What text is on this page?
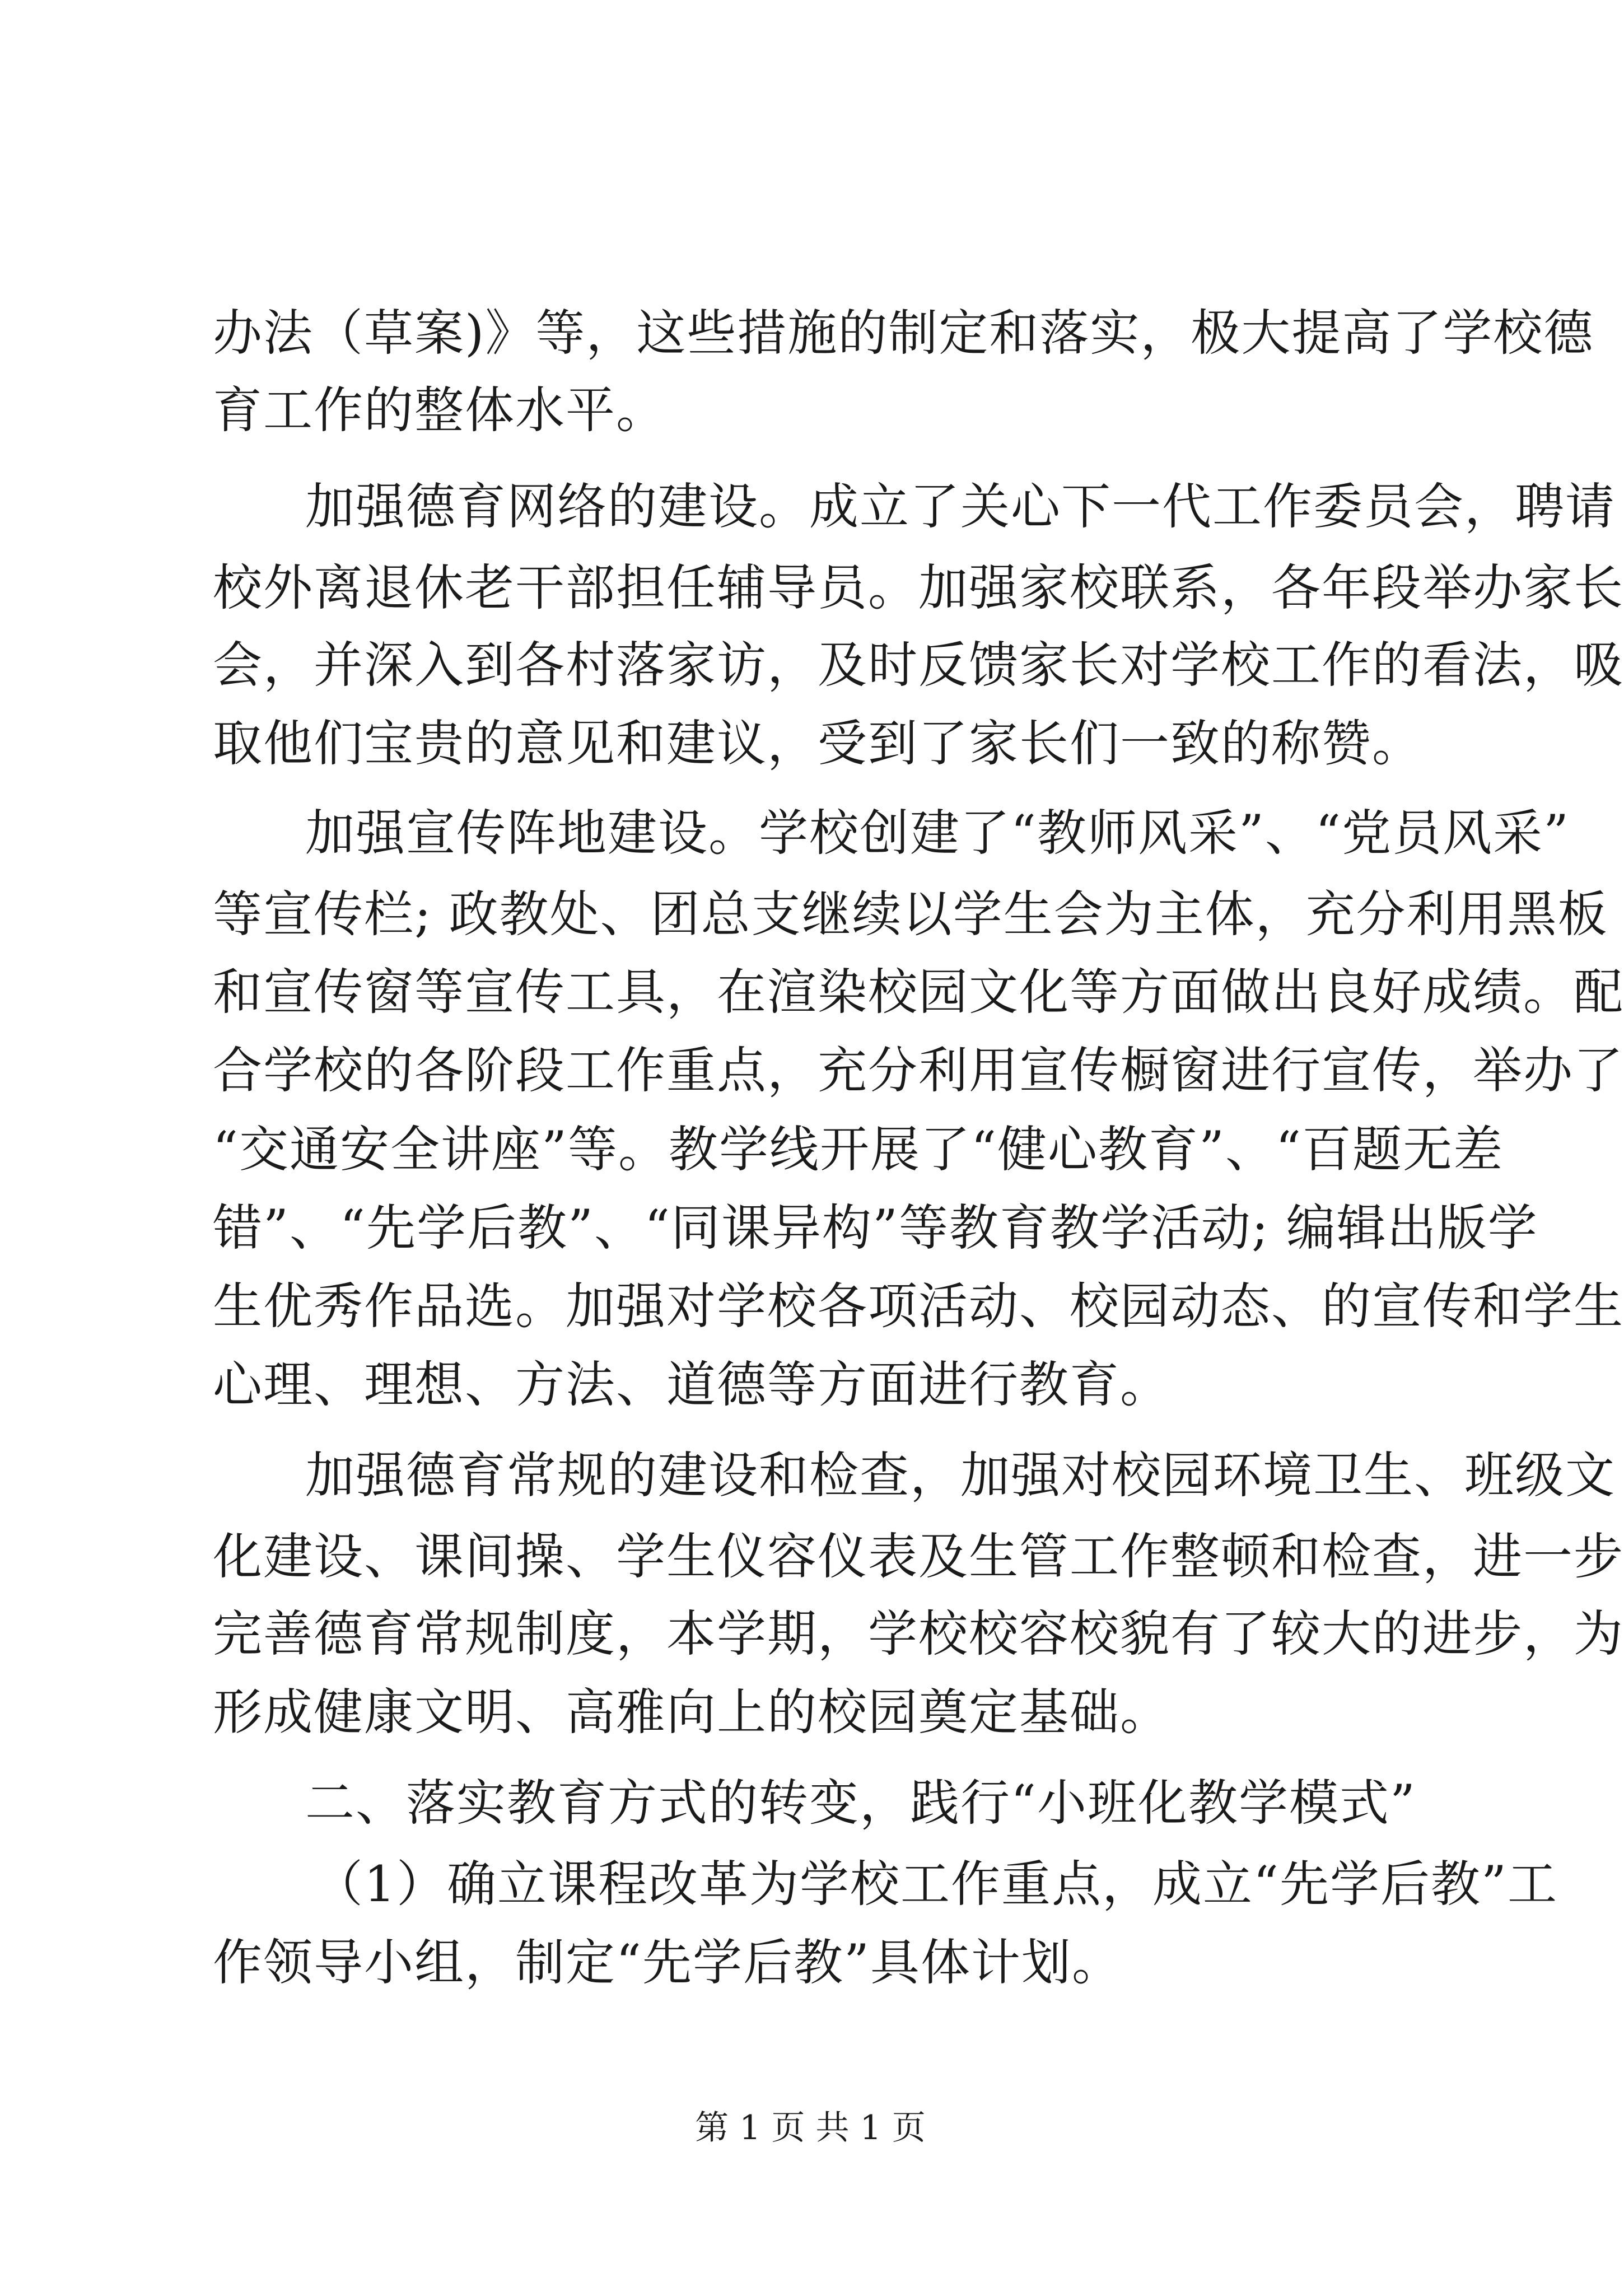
办法（草案)》等，这些措施的制定和落实，极大提高了学校德
育工作的整体水平。
加强德育网络的建设。成立了关心下一代工作委员会，聘请
校外离退休老干部担任辅导员。加强家校联系，各年段举办家长
会，并深入到各村落家访，及时反馈家长对学校工作的看法，吸
取他们宝贵的意见和建议，受到了家长们一致的称赞。
加强宣传阵地建设。学校创建了“教师风采”、“党员风采”
等宣传栏; 政教处、团总支继续以学生会为主体，充分利用黑板
和宣传窗等宣传工具，在渲染校园文化等方面做出良好成绩。配
合学校的各阶段工作重点，充分利用宣传橱窗进行宣传，举办了
“交通安全讲座”等。教学线开展了“健心教育”、“百题无差
错”、“先学后教”、“同课异构”等教育教学活动; 编辑出版学
生优秀作品选。加强对学校各项活动、校园动态、的宣传和学生
心理、理想、方法、道德等方面进行教育。
加强德育常规的建设和检查，加强对校园环境卫生、班级文
化建设、课间操、学生仪容仪表及生管工作整顿和检查，进一步
完善德育常规制度，本学期，学校校容校貌有了较大的进步，为
形成健康文明、高雅向上的校园奠定基础。
二、落实教育方式的转变，践行“小班化教学模式”
（1）确立课程改革为学校工作重点，成立“先学后教”工
作领导小组，制定“先学后教”具体计划。
第 1 页 共 1 页
